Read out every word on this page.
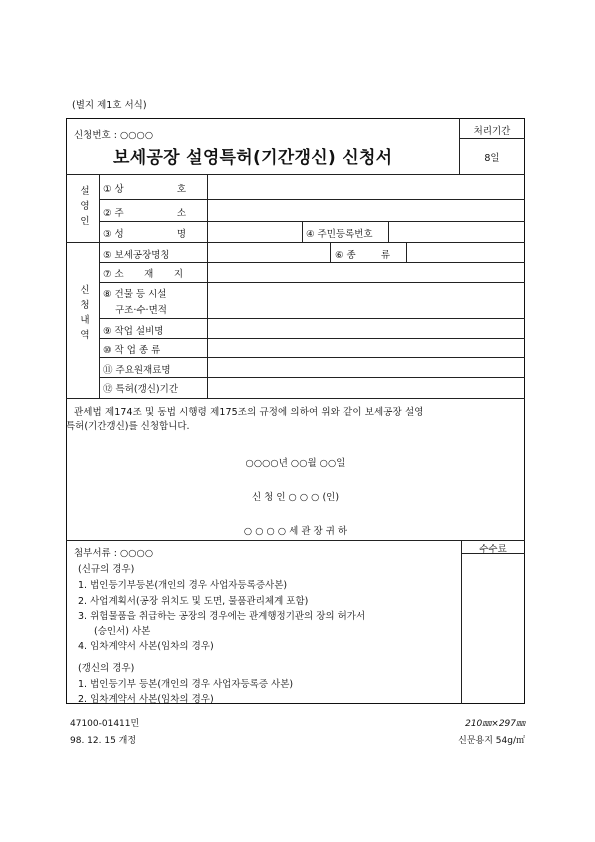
(별지 제1호 서식)
신청번호 : ○○○○
보세공장 설영특허(기간갱신) 신청서
처리기간
8일
설
영
인
① 상	호
② 주	소
③ 성	명	④ 주민등록번호
신
청
내
역
⑤ 보세공장명칭	⑥ 종	류
⑦ 소 재 지
⑧ 건물 등 시설
구조·수·면적
⑨ 작업 설비명
⑩ 작 업 종 류
⑪ 주요원재료명
⑫ 특허(갱신)기간
관세법 제174조 및 동법 시행령 제175조의 규정에 의하여 위와 같이 보세공장 설영
특허(기간갱신)를 신청합니다.
○○○○년 ○○월 ○○일
신 청 인 ○ ○ ○ (인)
○ ○ ○ ○ 세 관 장 귀 하
첨부서류 : ○○○○	수수료
(신규의 경우)
1. 법인등기부등본(개인의 경우 사업자등록증사본)
2. 사업계획서(공장 위치도 및 도면, 물품관리체계 포함)
3. 위험물품을 취급하는 공장의 경우에는 관계행정기관의 장의 허가서
(승인서) 사본
4. 임차계약서 사본(임차의 경우)
(갱신의 경우)
1. 법인등기부 등본(개인의 경우 사업자등록증 사본)
2. 임차계약서 사본(임차의 경우)
47100-01411민
98. 12. 15 개정
210㎜×297㎜
신문용지 54g/㎡
